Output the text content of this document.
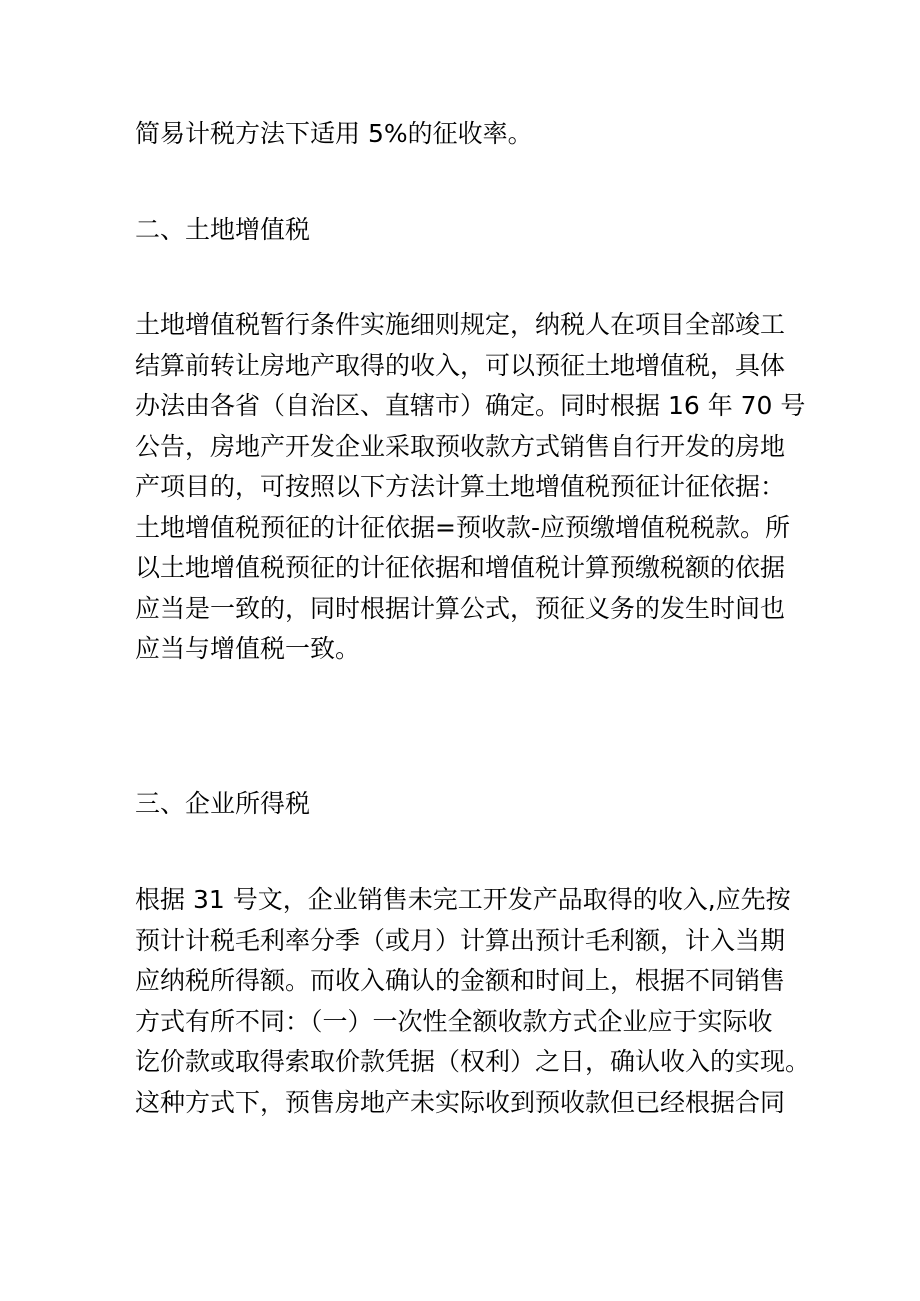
简易计税方法下适用 5%的征收率。
二、土地增值税
土地增值税暂行条件实施细则规定，纳税人在项目全部竣工
结算前转让房地产取得的收入，可以预征土地增值税，具体
办法由各省（自治区、直辖市）确定。同时根据 16 年 70 号
公告，房地产开发企业采取预收款方式销售自行开发的房地
产项目的，可按照以下方法计算土地增值税预征计征依据：
土地增值税预征的计征依据=预收款-应预缴增值税税款。所
以土地增值税预征的计征依据和增值税计算预缴税额的依据
应当是一致的，同时根据计算公式，预征义务的发生时间也
应当与增值税一致。
三、企业所得税
根据 31 号文，企业销售未完工开发产品取得的收入,应先按
预计计税毛利率分季（或月）计算出预计毛利额，计入当期
应纳税所得额。而收入确认的金额和时间上，根据不同销售
方式有所不同：（一）一次性全额收款方式企业应于实际收
讫价款或取得索取价款凭据（权利）之日，确认收入的实现。
这种方式下，预售房地产未实际收到预收款但已经根据合同
